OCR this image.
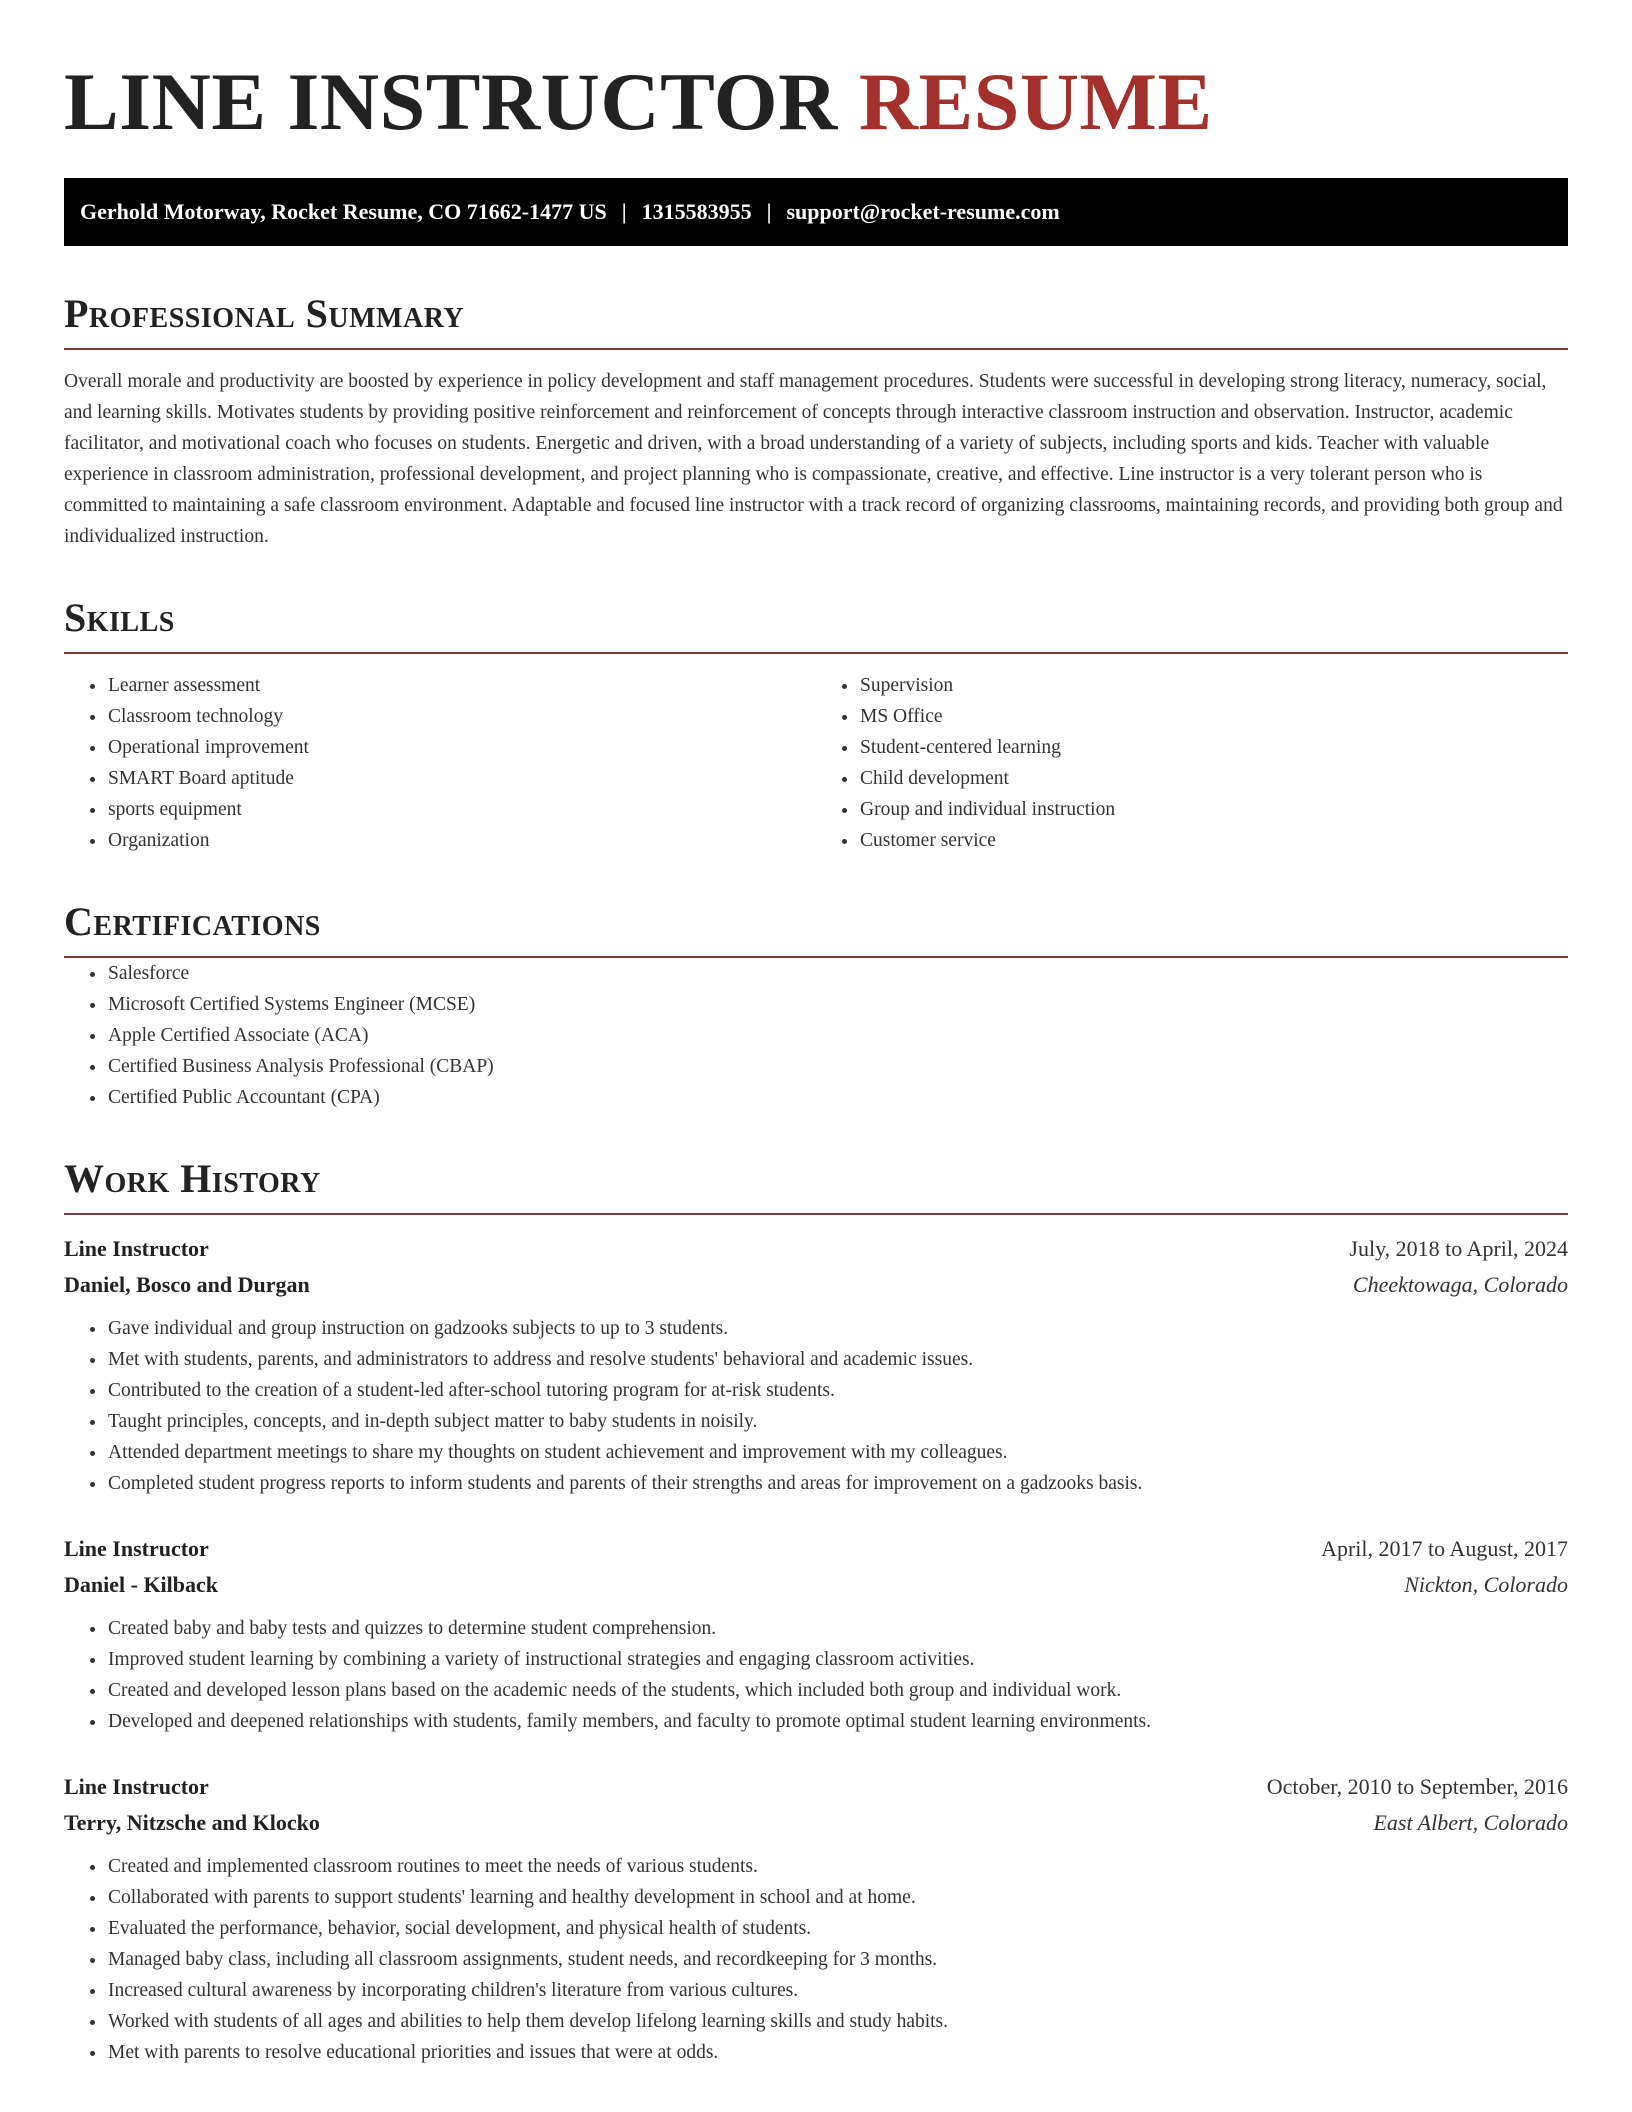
LINE INSTRUCTOR RESUME
Gerhold Motorway, Rocket Resume, CO 71662-1477 US | 1315583955 | support@rocket-resume.com
Professional Summary

Overall morale and productivity are boosted by experience in policy development and staff management procedures. Students were successful in developing strong literacy, numeracy, social, and learning skills. Motivates students by providing positive reinforcement and reinforcement of concepts through interactive classroom instruction and observation. Instructor, academic facilitator, and motivational coach who focuses on students. Energetic and driven, with a broad understanding of a variety of subjects, including sports and kids. Teacher with valuable experience in classroom administration, professional development, and project planning who is compassionate, creative, and effective. Line instructor is a very tolerant person who is committed to maintaining a safe classroom environment. Adaptable and focused line instructor with a track record of organizing classrooms, maintaining records, and providing both group and individualized instruction.

Skills
• Learner assessment
• Classroom technology
• Operational improvement
• SMART Board aptitude
• sports equipment
• Organization
• Supervision
• MS Office
• Student-centered learning
• Child development
• Group and individual instruction
• Customer service
Certifications
• Salesforce
• Microsoft Certified Systems Engineer (MCSE)
• Apple Certified Associate (ACA)
• Certified Business Analysis Professional (CBAP)
• Certified Public Accountant (CPA)
Work History
Line Instructor	July, 2018 to April, 2024
Daniel, Bosco and Durgan	Cheektowaga, Colorado
• Gave individual and group instruction on gadzooks subjects to up to 3 students.
• Met with students, parents, and administrators to address and resolve students' behavioral and academic issues.
• Contributed to the creation of a student-led after-school tutoring program for at-risk students.
• Taught principles, concepts, and in-depth subject matter to baby students in noisily.
• Attended department meetings to share my thoughts on student achievement and improvement with my colleagues.
• Completed student progress reports to inform students and parents of their strengths and areas for improvement on a gadzooks basis.
Line Instructor	April, 2017 to August, 2017
Daniel - Kilback	Nickton, Colorado
• Created baby and baby tests and quizzes to determine student comprehension.
• Improved student learning by combining a variety of instructional strategies and engaging classroom activities.
• Created and developed lesson plans based on the academic needs of the students, which included both group and individual work.
• Developed and deepened relationships with students, family members, and faculty to promote optimal student learning environments.
Line Instructor	October, 2010 to September, 2016
Terry, Nitzsche and Klocko	East Albert, Colorado
• Created and implemented classroom routines to meet the needs of various students.
• Collaborated with parents to support students' learning and healthy development in school and at home.
• Evaluated the performance, behavior, social development, and physical health of students.
• Managed baby class, including all classroom assignments, student needs, and recordkeeping for 3 months.
• Increased cultural awareness by incorporating children's literature from various cultures.
• Worked with students of all ages and abilities to help them develop lifelong learning skills and study habits.
• Met with parents to resolve educational priorities and issues that were at odds.
